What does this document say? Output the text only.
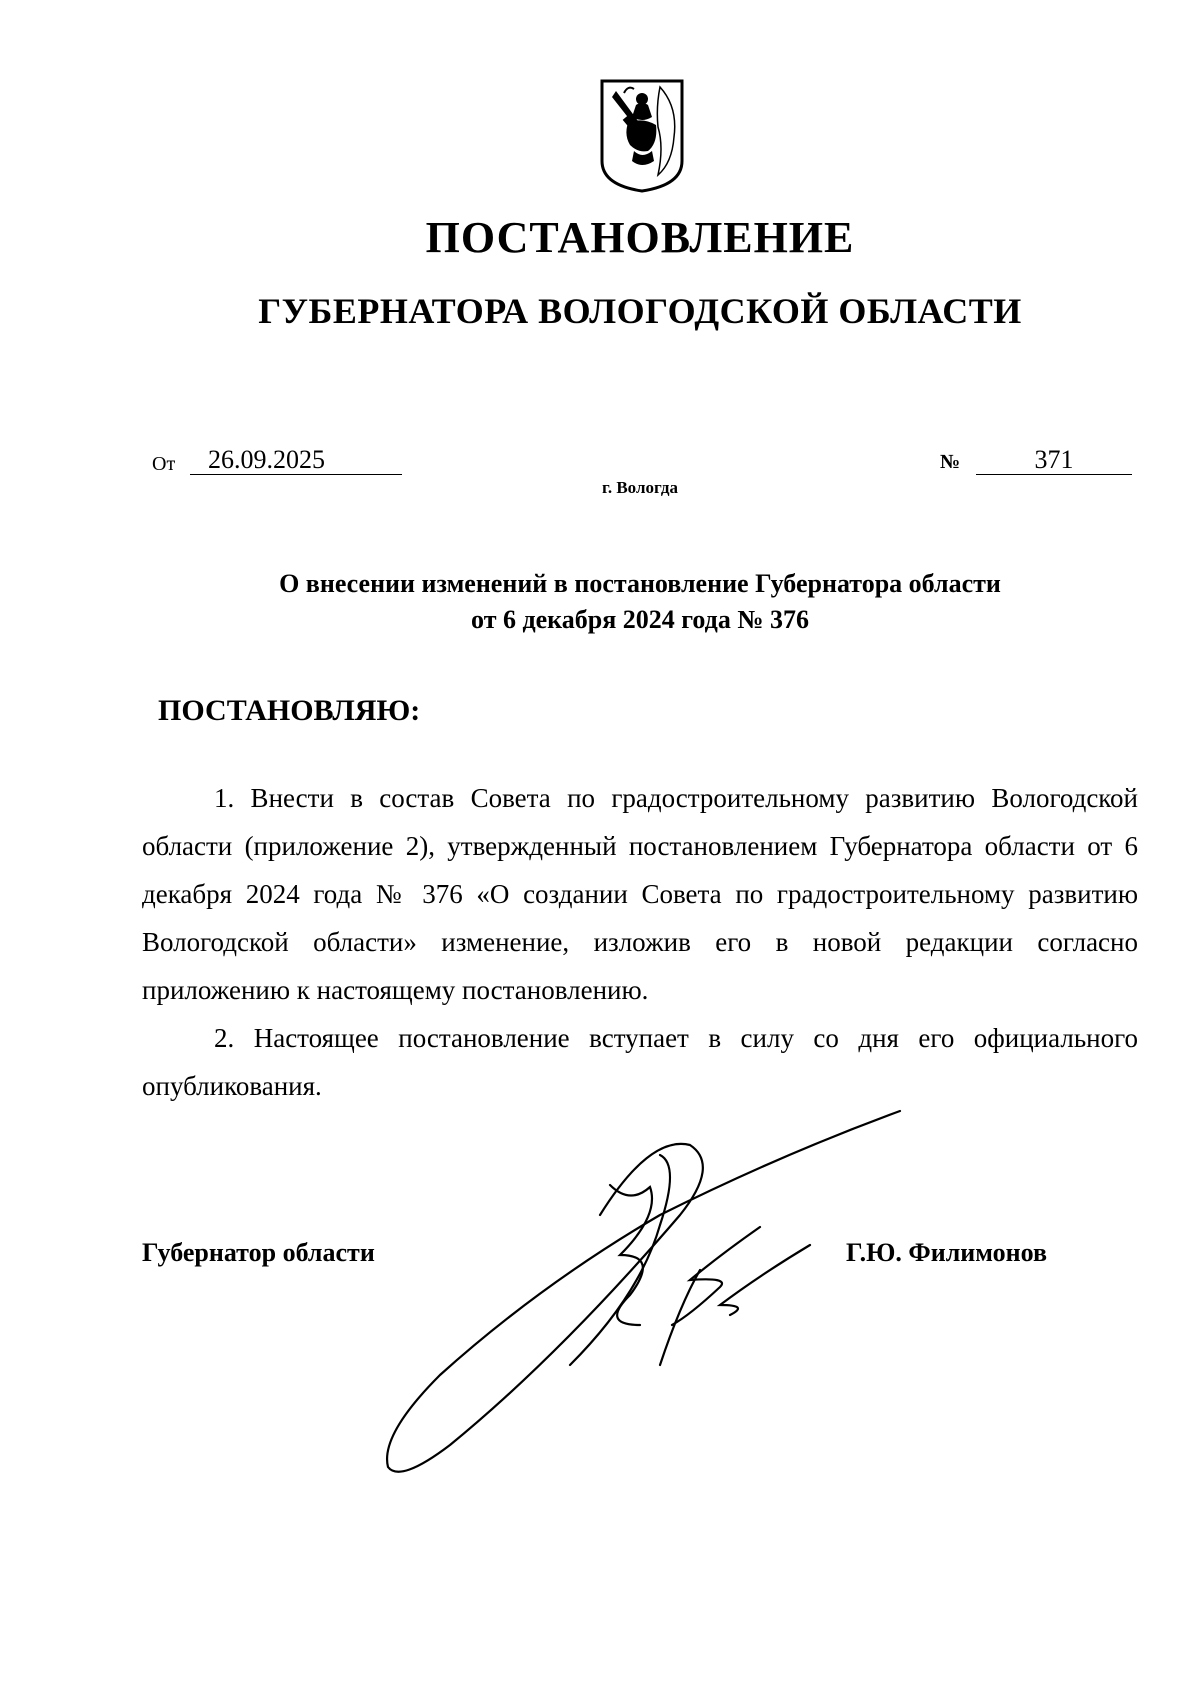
ПОСТАНОВЛЕНИЕ
ГУБЕРНАТОРА ВОЛОГОДСКОЙ ОБЛАСТИ
От	26.09.2025
г. Вологда
№	371
О внесении изменений в постановление Губернатора области
от 6 декабря 2024 года № 376
ПОСТАНОВЛЯЮ:

1. Внести в состав Совета по градостроительному развитию Вологодской области (приложение 2), утвержденный постановлением Губернатора области от 6 декабря 2024 года № 376 «О создании Совета по градостроительному развитию Вологодской области» изменение, изложив его в новой редакции согласно приложению к настоящему постановлению.

2. Настоящее постановление вступает в силу со дня его официального опубликования.

Губернатор области	Г.Ю. Филимонов
